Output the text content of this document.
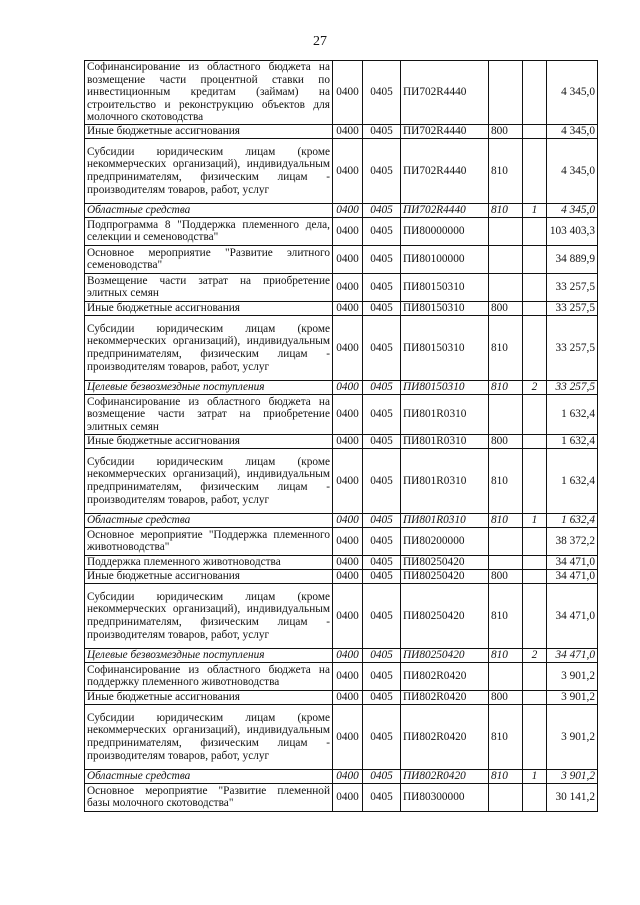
27
Софинансирование из областного бюджета на возмещение части процентной ставки по инвестиционным кредитам (займам) на строительство и реконструкцию объектов для молочного скотоводства	0400	0405	ПИ702R4440			4 345,0
Иные бюджетные ассигнования	0400	0405	ПИ702R4440	800		4 345,0
Субсидии юридическим лицам (кроме некоммерческих организаций), индивидуальным предпринимателям, физическим лицам - производителям товаров, работ, услуг	0400	0405	ПИ702R4440	810		4 345,0
Областные средства	0400	0405	ПИ702R4440	810	1	4 345,0
Подпрограмма 8 "Поддержка племенного дела, селекции и семеноводства"	0400	0405	ПИ80000000			103 403,3
Основное мероприятие "Развитие элитного семеноводства"	0400	0405	ПИ80100000			34 889,9
Возмещение части затрат на приобретение элитных семян	0400	0405	ПИ80150310			33 257,5
Иные бюджетные ассигнования	0400	0405	ПИ80150310	800		33 257,5
Субсидии юридическим лицам (кроме некоммерческих организаций), индивидуальным предпринимателям, физическим лицам - производителям товаров, работ, услуг	0400	0405	ПИ80150310	810		33 257,5
Целевые безвозмездные поступления	0400	0405	ПИ80150310	810	2	33 257,5
Софинансирование из областного бюджета на возмещение части затрат на приобретение элитных семян	0400	0405	ПИ801R0310			1 632,4
Иные бюджетные ассигнования	0400	0405	ПИ801R0310	800		1 632,4
Субсидии юридическим лицам (кроме некоммерческих организаций), индивидуальным предпринимателям, физическим лицам - производителям товаров, работ, услуг	0400	0405	ПИ801R0310	810		1 632,4
Областные средства	0400	0405	ПИ801R0310	810	1	1 632,4
Основное мероприятие "Поддержка племенного животноводства"	0400	0405	ПИ80200000			38 372,2
Поддержка племенного животноводства	0400	0405	ПИ80250420			34 471,0
Иные бюджетные ассигнования	0400	0405	ПИ80250420	800		34 471,0
Субсидии юридическим лицам (кроме некоммерческих организаций), индивидуальным предпринимателям, физическим лицам - производителям товаров, работ, услуг	0400	0405	ПИ80250420	810		34 471,0
Целевые безвозмездные поступления	0400	0405	ПИ80250420	810	2	34 471,0
Софинансирование из областного бюджета на поддержку племенного животноводства	0400	0405	ПИ802R0420			3 901,2
Иные бюджетные ассигнования	0400	0405	ПИ802R0420	800		3 901,2
Субсидии юридическим лицам (кроме некоммерческих организаций), индивидуальным предпринимателям, физическим лицам - производителям товаров, работ, услуг	0400	0405	ПИ802R0420	810		3 901,2
Областные средства	0400	0405	ПИ802R0420	810	1	3 901,2
Основное мероприятие "Развитие племенной базы молочного скотоводства"	0400	0405	ПИ80300000			30 141,2
